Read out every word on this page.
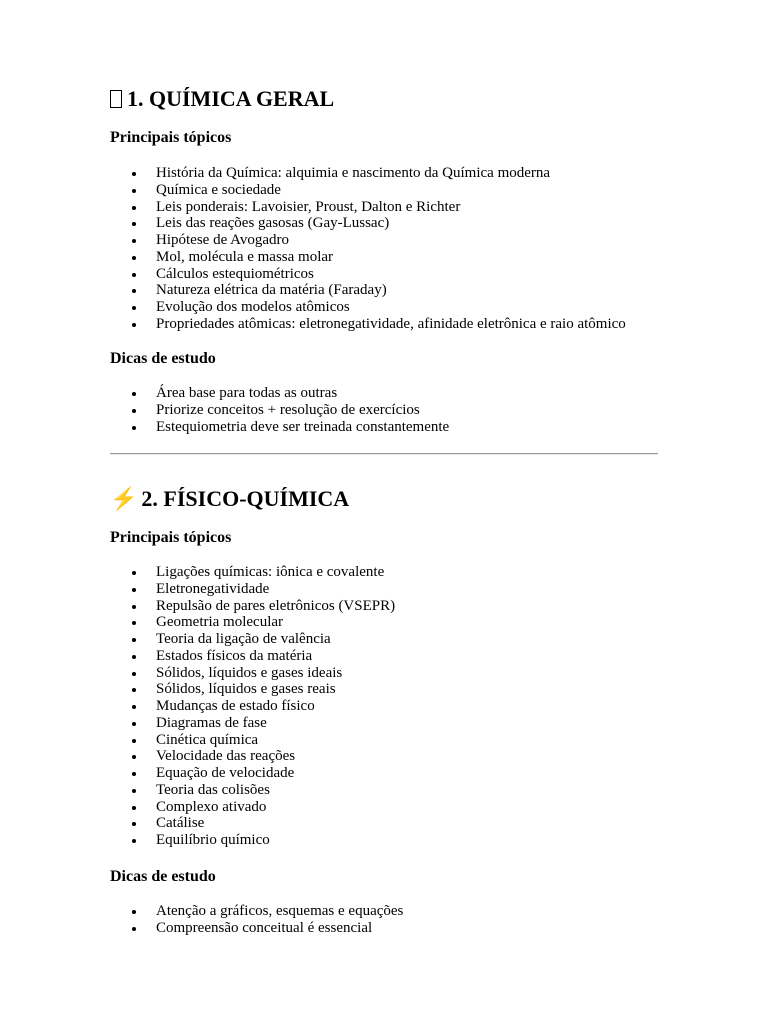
1. QUÍMICA GERAL
Principais tópicos
História da Química: alquimia e nascimento da Química moderna
Química e sociedade
Leis ponderais: Lavoisier, Proust, Dalton e Richter
Leis das reações gasosas (Gay-Lussac)
Hipótese de Avogadro
Mol, molécula e massa molar
Cálculos estequiométricos
Natureza elétrica da matéria (Faraday)
Evolução dos modelos atômicos
Propriedades atômicas: eletronegatividade, afinidade eletrônica e raio atômico
Dicas de estudo
Área base para todas as outras
Priorize conceitos + resolução de exercícios
Estequiometria deve ser treinada constantemente
⚡ 2. FÍSICO-QUÍMICA
Principais tópicos
Ligações químicas: iônica e covalente
Eletronegatividade
Repulsão de pares eletrônicos (VSEPR)
Geometria molecular
Teoria da ligação de valência
Estados físicos da matéria
Sólidos, líquidos e gases ideais
Sólidos, líquidos e gases reais
Mudanças de estado físico
Diagramas de fase
Cinética química
Velocidade das reações
Equação de velocidade
Teoria das colisões
Complexo ativado
Catálise
Equilíbrio químico
Dicas de estudo
Atenção a gráficos, esquemas e equações
Compreensão conceitual é essencial
